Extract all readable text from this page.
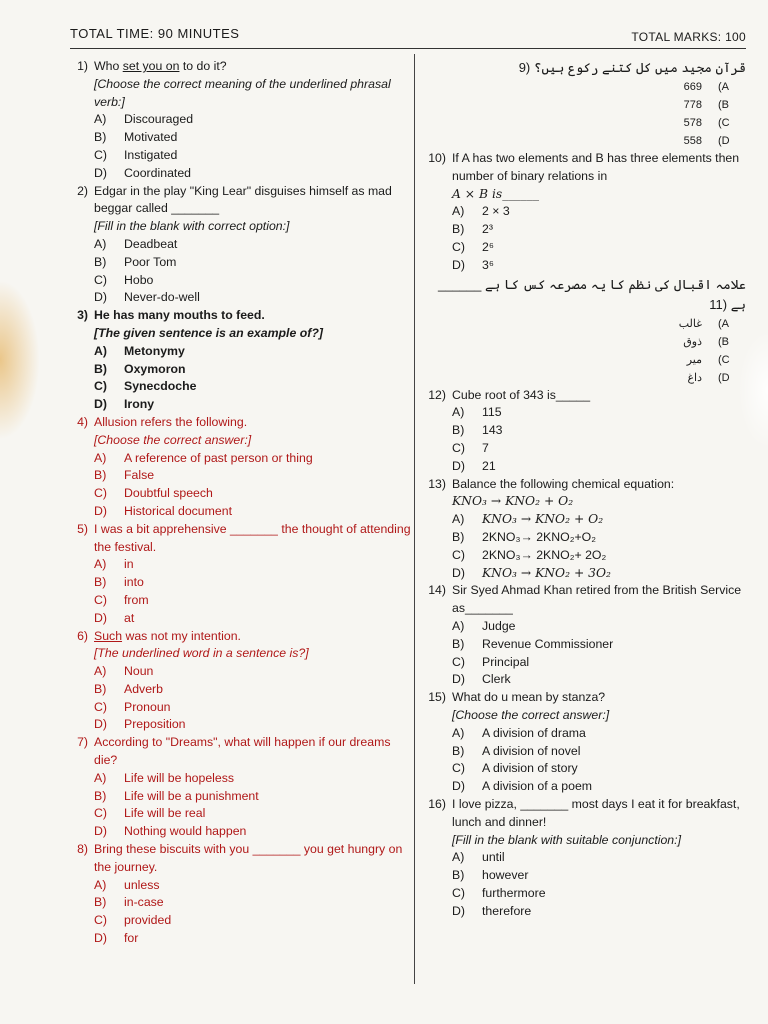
TOTAL TIME: 90 MINUTES	TOTAL MARKS: 100
1) Who set you on to do it?
[Choose the correct meaning of the underlined phrasal verb:]
A)	Discouraged
B)	Motivated
C)	Instigated
D)	Coordinated
2) Edgar in the play "King Lear" disguises himself as mad beggar called _______
[Fill in the blank with correct option:]
A)	Deadbeat
B)	Poor Tom
C)	Hobo
D)	Never-do-well
3) He has many mouths to feed.
[The given sentence is an example of?]
A)	Metonymy
B)	Oxymoron
C)	Synecdoche
D)	Irony
4) Allusion refers the following.
[Choose the correct answer:]
A)	A reference of past person or thing
B)	False
C)	Doubtful speech
D)	Historical document
5) I was a bit apprehensive _______ the thought of attending the festival.
A)	in
B)	into
C)	from
D)	at
6) Such was not my intention.
[The underlined word in a sentence is?]
A)	Noun
B)	Adverb
C)	Pronoun
D)	Preposition
7) According to "Dreams", what will happen if our dreams die?
A)	Life will be hopeless
B)	Life will be a punishment
C)	Life will be real
D)	Nothing would happen
8) Bring these biscuits with you _______ you get hungry on the journey.
A)	unless
B)	in-case
C)	provided
D)	for
قرآن مجید میں کل کتنے رکوع ہیں؟ (9
669 (A
778 (B
578 (C
558 (D
10) If A has two elements and B has three elements then number of binary relations in
A × B is______
A)	2 × 3
B)	2³
C)	2⁶
D)	3⁶
علامہ اقبال کی نظم کا یہ مصرعہ کس کا ہے ______ ہے (11
غالب (A
ذوق (B
میر (C
داغ (D
12) Cube root of 343 is_____
A)	115
B)	143
C)	7
D)	21
13) Balance the following chemical equation:
KNO₃ → KNO₂ + O₂
A)	KNO₃ → KNO₂ + O₂
B)	2KNO₃→ 2KNO₂+O₂
C)	2KNO₃→ 2KNO₂+ 2O₂
D)	KNO₃ → KNO₂ + 3O₂
14) Sir Syed Ahmad Khan retired from the British Service as_______
A)	Judge
B)	Revenue Commissioner
C)	Principal
D)	Clerk
15) What do u mean by stanza?
[Choose the correct answer:]
A)	A division of drama
B)	A division of novel
C)	A division of story
D)	A division of a poem
16) I love pizza, _______ most days I eat it for breakfast, lunch and dinner!
[Fill in the blank with suitable conjunction:]
A)	until
B)	however
C)	furthermore
D)	therefore
